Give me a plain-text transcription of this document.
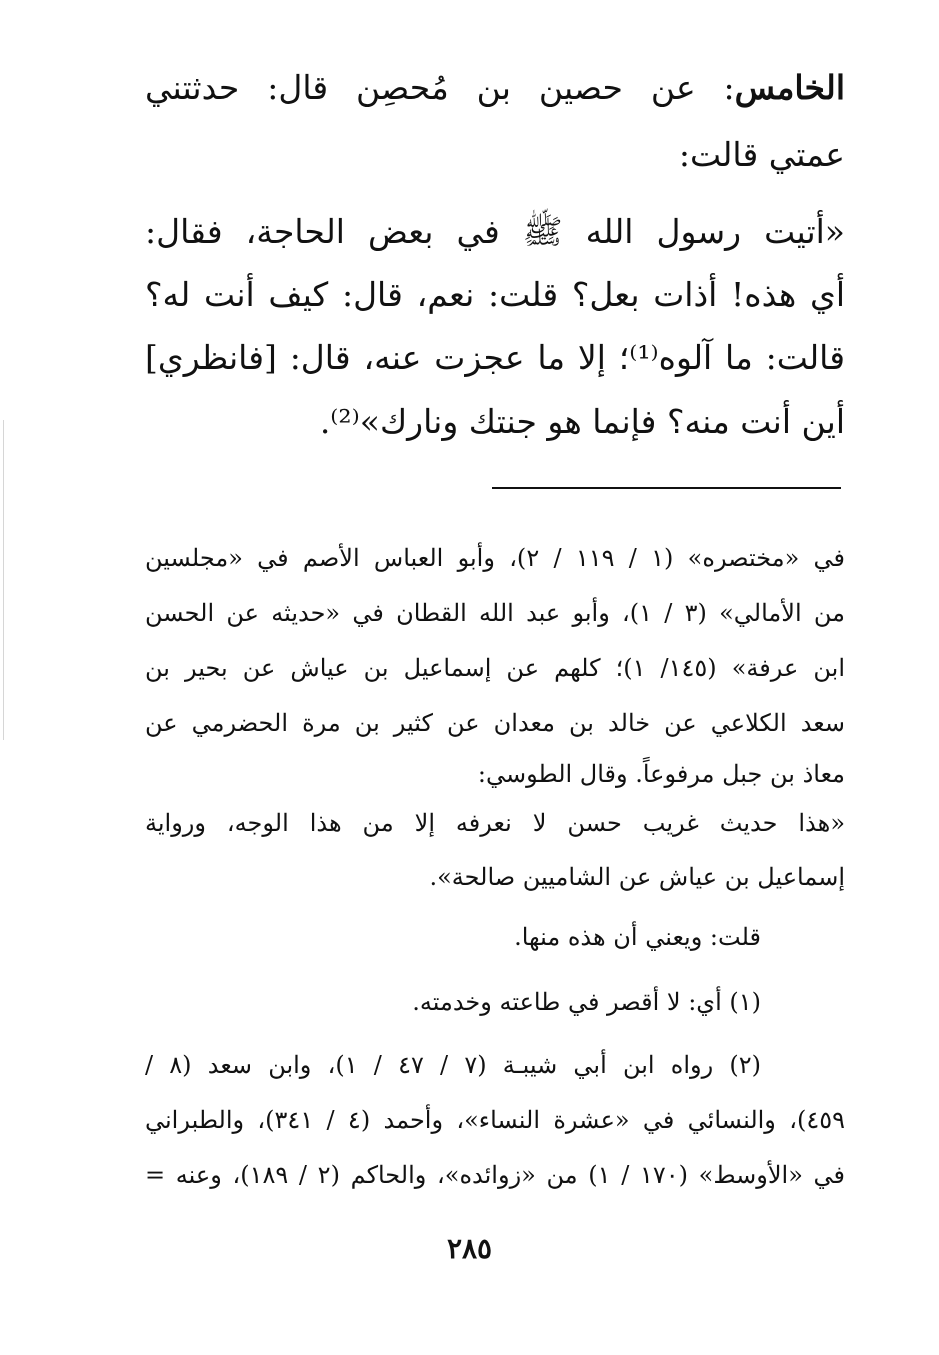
الخامس: عن حصين بن مُحصِن قال: حدثتني
عمتي قالت:
«أتيت رسول الله ﷺ في بعض الحاجة، فقال:
أي هذه! أذات بعل؟ قلت: نعم، قال: كيف أنت له؟
قالت: ما آلوه⁽¹⁾؛ إلا ما عجزت عنه، قال: [فانظري]
أين أنت منه؟ فإنما هو جنتك ونارك»⁽²⁾.
في «مختصره» (١ / ١١٩ / ٢)، وأبو العباس الأصم في «مجلسين
من الأمالي» (٣ / ١)، وأبو عبد الله القطان في «حديثه عن الحسن
ابن عرفة» (١٤٥/ ١)؛ كلهم عن إسماعيل بن عياش عن بحير بن
سعد الكلاعي عن خالد بن معدان عن كثير بن مرة الحضرمي عن
معاذ بن جبل مرفوعاً. وقال الطوسي:
«هذا حديث غريب حسن لا نعرفه إلا من هذا الوجه، ورواية
إسماعيل بن عياش عن الشاميين صالحة».
قلت: ويعني أن هذه منها.
(١) أي: لا أقصر في طاعته وخدمته.
(٢) رواه ابن أبي شيبـة (٧ / ٤٧ / ١)، وابن سعد (٨ /
٤٥٩)، والنسائي في «عشرة النساء»، وأحمد (٤ / ٣٤١)، والطبراني
في «الأوسط» (١٧٠ / ١) من «زوائده»، والحاكم (٢ / ١٨٩)، وعنه =
٢٨٥
